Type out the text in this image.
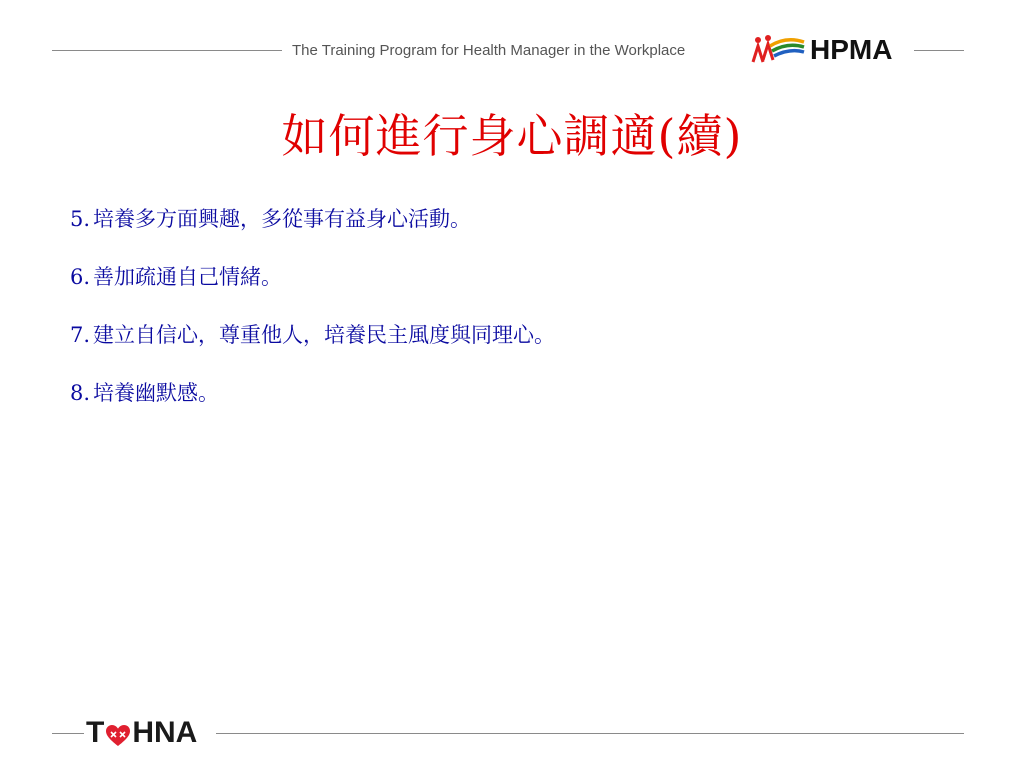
The Training Program for Health Manager in the Workplace	HPMA
如何進行身心調適(續)
5. 培養多方面興趣，多從事有益身心活動。
6. 善加疏通自己情緒。
7. 建立自信心，尊重他人，培養民主風度與同理心。
8. 培養幽默感。
T HNA
